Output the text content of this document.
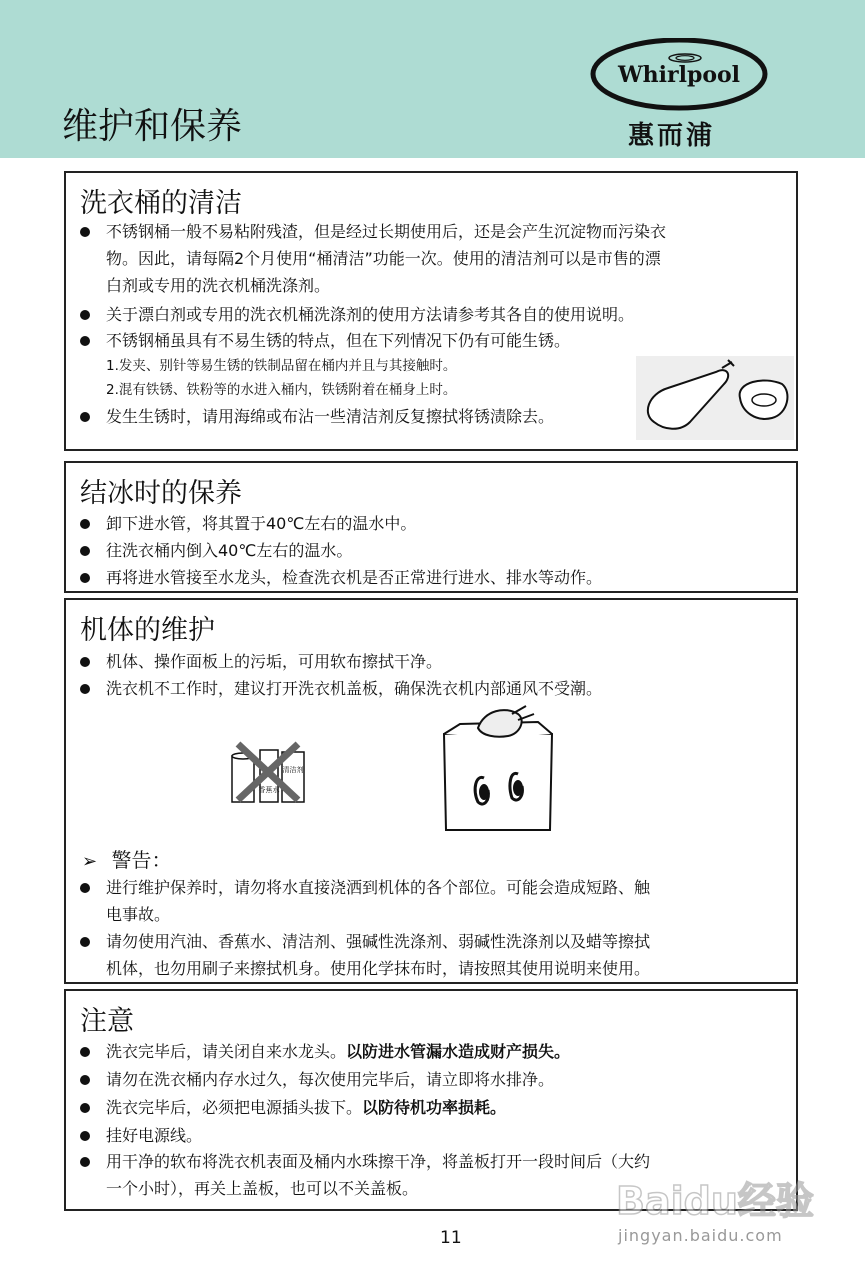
维护和保养
Whirlpool
惠而浦
洗衣桶的清洁
不锈钢桶一般不易粘附残渣，但是经过长期使用后，还是会产生沉淀物而污染衣
物。因此，请每隔2个月使用“桶清洁”功能一次。使用的清洁剂可以是市售的漂
白剂或专用的洗衣机桶洗涤剂。
关于漂白剂或专用的洗衣机桶洗涤剂的使用方法请参考其各自的使用说明。
不锈钢桶虽具有不易生锈的特点，但在下列情况下仍有可能生锈。
1.发夹、别针等易生锈的铁制品留在桶内并且与其接触时。
2.混有铁锈、铁粉等的水进入桶内，铁锈附着在桶身上时。
发生生锈时，请用海绵或布沾一些清洁剂反复擦拭将锈渍除去。
结冰时的保养
卸下进水管，将其置于40℃左右的温水中。
往洗衣桶内倒入40℃左右的温水。
再将进水管接至水龙头，检查洗衣机是否正常进行进水、排水等动作。
机体的维护
机体、操作面板上的污垢，可用软布擦拭干净。
洗衣机不工作时，建议打开洗衣机盖板，确保洗衣机内部通风不受潮。
清洁剂
香蕉水
➢ 警告：
进行维护保养时，请勿将水直接浇洒到机体的各个部位。可能会造成短路、触
电事故。
请勿使用汽油、香蕉水、清洁剂、强碱性洗涤剂、弱碱性洗涤剂以及蜡等擦拭
机体，也勿用刷子来擦拭机身。使用化学抹布时，请按照其使用说明来使用。
注意
洗衣完毕后，请关闭自来水龙头。以防进水管漏水造成财产损失。
请勿在洗衣桶内存水过久，每次使用完毕后，请立即将水排净。
洗衣完毕后，必须把电源插头拔下。以防待机功率损耗。
挂好电源线。
用干净的软布将洗衣机表面及桶内水珠擦干净，将盖板打开一段时间后（大约
一个小时），再关上盖板，也可以不关盖板。	Baidu经验
jingyan.baidu.com
11
